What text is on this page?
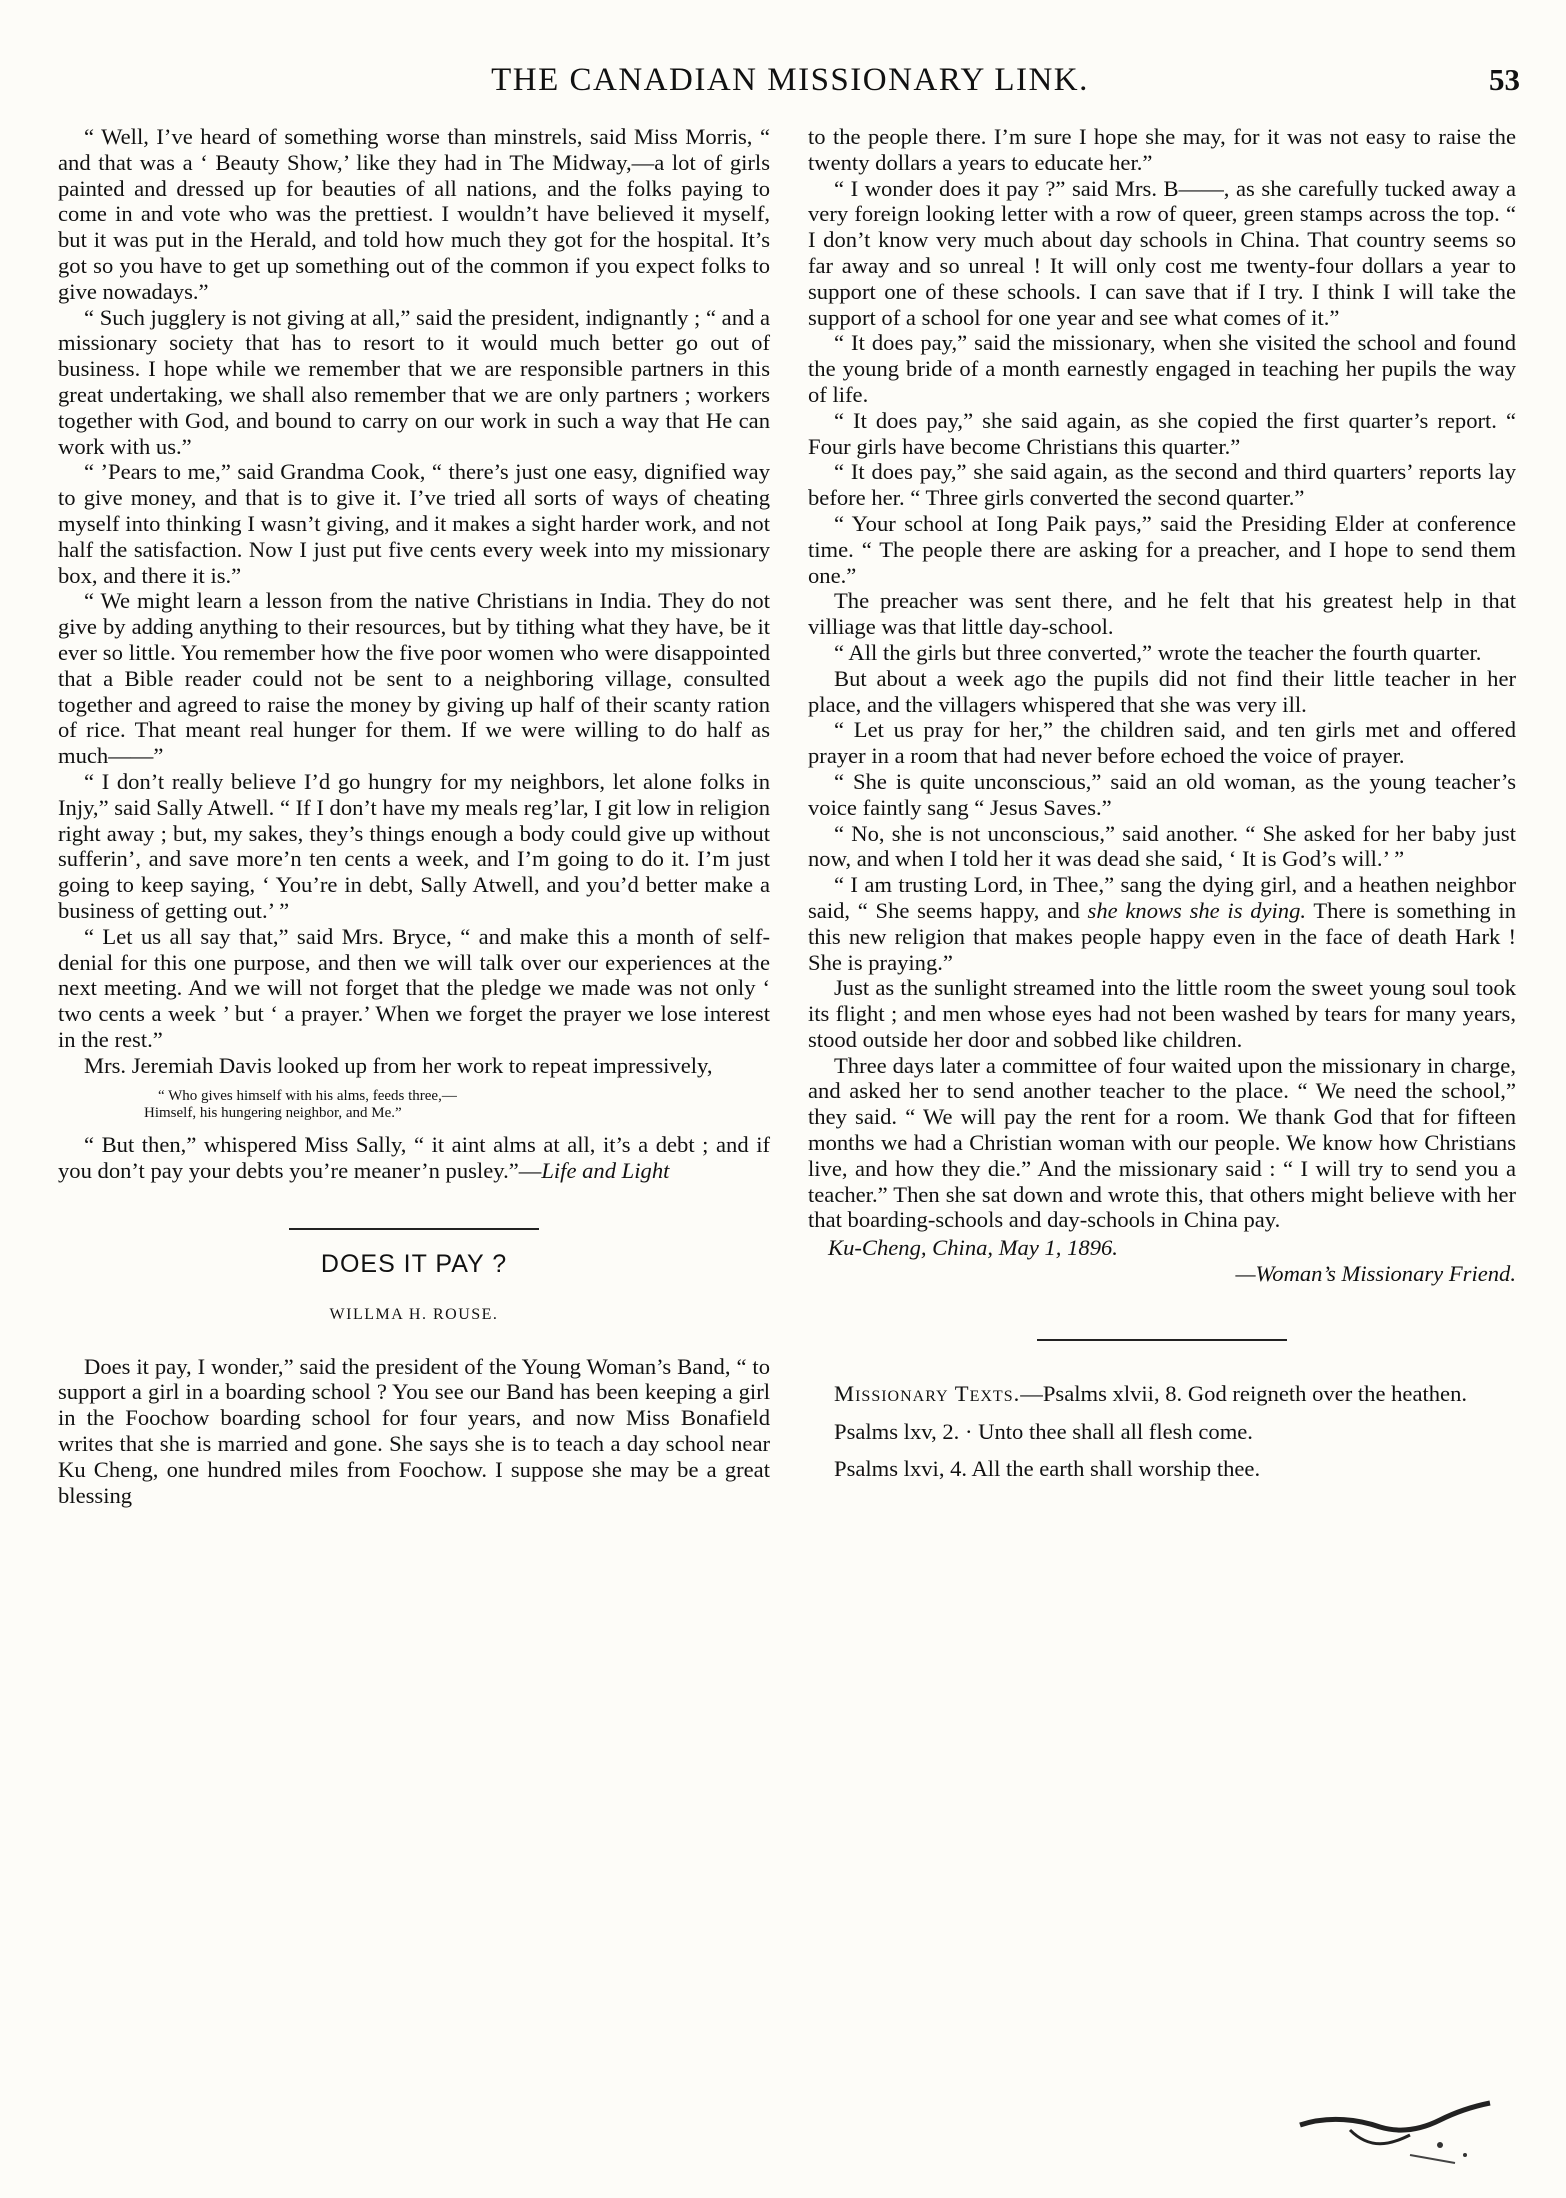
THE CANADIAN MISSIONARY LINK.	53

“ Well, I’ve heard of something worse than minstrels, said Miss Morris, “ and that was a ‘ Beauty Show,’ like they had in The Midway,—a lot of girls painted and dressed up for beauties of all nations, and the folks paying to come in and vote who was the prettiest. I wouldn’t have believed it myself, but it was put in the Herald, and told how much they got for the hospital. It’s got so you have to get up something out of the common if you expect folks to give nowadays.”

“ Such jugglery is not giving at all,” said the president, indignantly ; “ and a missionary society that has to resort to it would much better go out of business. I hope while we remember that we are responsible partners in this great undertaking, we shall also remember that we are only partners ; workers together with God, and bound to carry on our work in such a way that He can work with us.”

“ ’Pears to me,” said Grandma Cook, “ there’s just one easy, dignified way to give money, and that is to give it. I’ve tried all sorts of ways of cheating myself into thinking I wasn’t giving, and it makes a sight harder work, and not half the satisfaction. Now I just put five cents every week into my missionary box, and there it is.”

“ We might learn a lesson from the native Christians in India. They do not give by adding anything to their resources, but by tithing what they have, be it ever so little. You remember how the five poor women who were disappointed that a Bible reader could not be sent to a neighboring village, consulted together and agreed to raise the money by giving up half of their scanty ration of rice. That meant real hunger for them. If we were willing to do half as much——”

“ I don’t really believe I’d go hungry for my neighbors, let alone folks in Injy,” said Sally Atwell. “ If I don’t have my meals reg’lar, I git low in religion right away ; but, my sakes, they’s things enough a body could give up without sufferin’, and save more’n ten cents a week, and I’m going to do it. I’m just going to keep saying, ‘ You’re in debt, Sally Atwell, and you’d better make a business of getting out.’ ”

“ Let us all say that,” said Mrs. Bryce, “ and make this a month of self-denial for this one purpose, and then we will talk over our experiences at the next meeting. And we will not forget that the pledge we made was not only ‘ two cents a week ’ but ‘ a prayer.’ When we forget the prayer we lose interest in the rest.”

Mrs. Jeremiah Davis looked up from her work to repeat impressively,

“ Who gives himself with his alms, feeds three,—
Himself, his hungering neighbor, and Me.”

“ But then,” whispered Miss Sally, “ it aint alms at all, it’s a debt ; and if you don’t pay your debts you’re meaner’n pusley.”—Life and Light

DOES IT PAY ?

WILLMA H. ROUSE.

Does it pay, I wonder,” said the president of the Young Woman’s Band, “ to support a girl in a boarding school ? You see our Band has been keeping a girl in the Foochow boarding school for four years, and now Miss Bonafield writes that she is married and gone. She says she is to teach a day school near Ku Cheng, one hundred miles from Foochow. I suppose she may be a great blessing

to the people there. I’m sure I hope she may, for it was not easy to raise the twenty dollars a years to educate her.”

“ I wonder does it pay ?” said Mrs. B——, as she carefully tucked away a very foreign looking letter with a row of queer, green stamps across the top. “ I don’t know very much about day schools in China. That country seems so far away and so unreal ! It will only cost me twenty-four dollars a year to support one of these schools. I can save that if I try. I think I will take the support of a school for one year and see what comes of it.”

“ It does pay,” said the missionary, when she visited the school and found the young bride of a month earnestly engaged in teaching her pupils the way of life.

“ It does pay,” she said again, as she copied the first quarter’s report. “ Four girls have become Christians this quarter.”

“ It does pay,” she said again, as the second and third quarters’ reports lay before her. “ Three girls converted the second quarter.”

“ Your school at Iong Paik pays,” said the Presiding Elder at conference time. “ The people there are asking for a preacher, and I hope to send them one.”

The preacher was sent there, and he felt that his greatest help in that villiage was that little day-school.

“ All the girls but three converted,” wrote the teacher the fourth quarter.

But about a week ago the pupils did not find their little teacher in her place, and the villagers whispered that she was very ill.

“ Let us pray for her,” the children said, and ten girls met and offered prayer in a room that had never before echoed the voice of prayer.

“ She is quite unconscious,” said an old woman, as the young teacher’s voice faintly sang “ Jesus Saves.”

“ No, she is not unconscious,” said another. “ She asked for her baby just now, and when I told her it was dead she said, ‘ It is God’s will.’ ”

“ I am trusting Lord, in Thee,” sang the dying girl, and a heathen neighbor said, “ She seems happy, and she knows she is dying. There is something in this new religion that makes people happy even in the face of death Hark ! She is praying.”

Just as the sunlight streamed into the little room the sweet young soul took its flight ; and men whose eyes had not been washed by tears for many years, stood outside her door and sobbed like children.

Three days later a committee of four waited upon the missionary in charge, and asked her to send another teacher to the place. “ We need the school,” they said. “ We will pay the rent for a room. We thank God that for fifteen months we had a Christian woman with our people. We know how Christians live, and how they die.” And the missionary said : “ I will try to send you a teacher.” Then she sat down and wrote this, that others might believe with her that boarding-schools and day-schools in China pay.

Ku-Cheng, China, May 1, 1896.

—Woman’s Missionary Friend.

Missionary Texts.—Psalms xlvii, 8. God reigneth over the heathen.

Psalms lxv, 2. · Unto thee shall all flesh come.

Psalms lxvi, 4. All the earth shall worship thee.
